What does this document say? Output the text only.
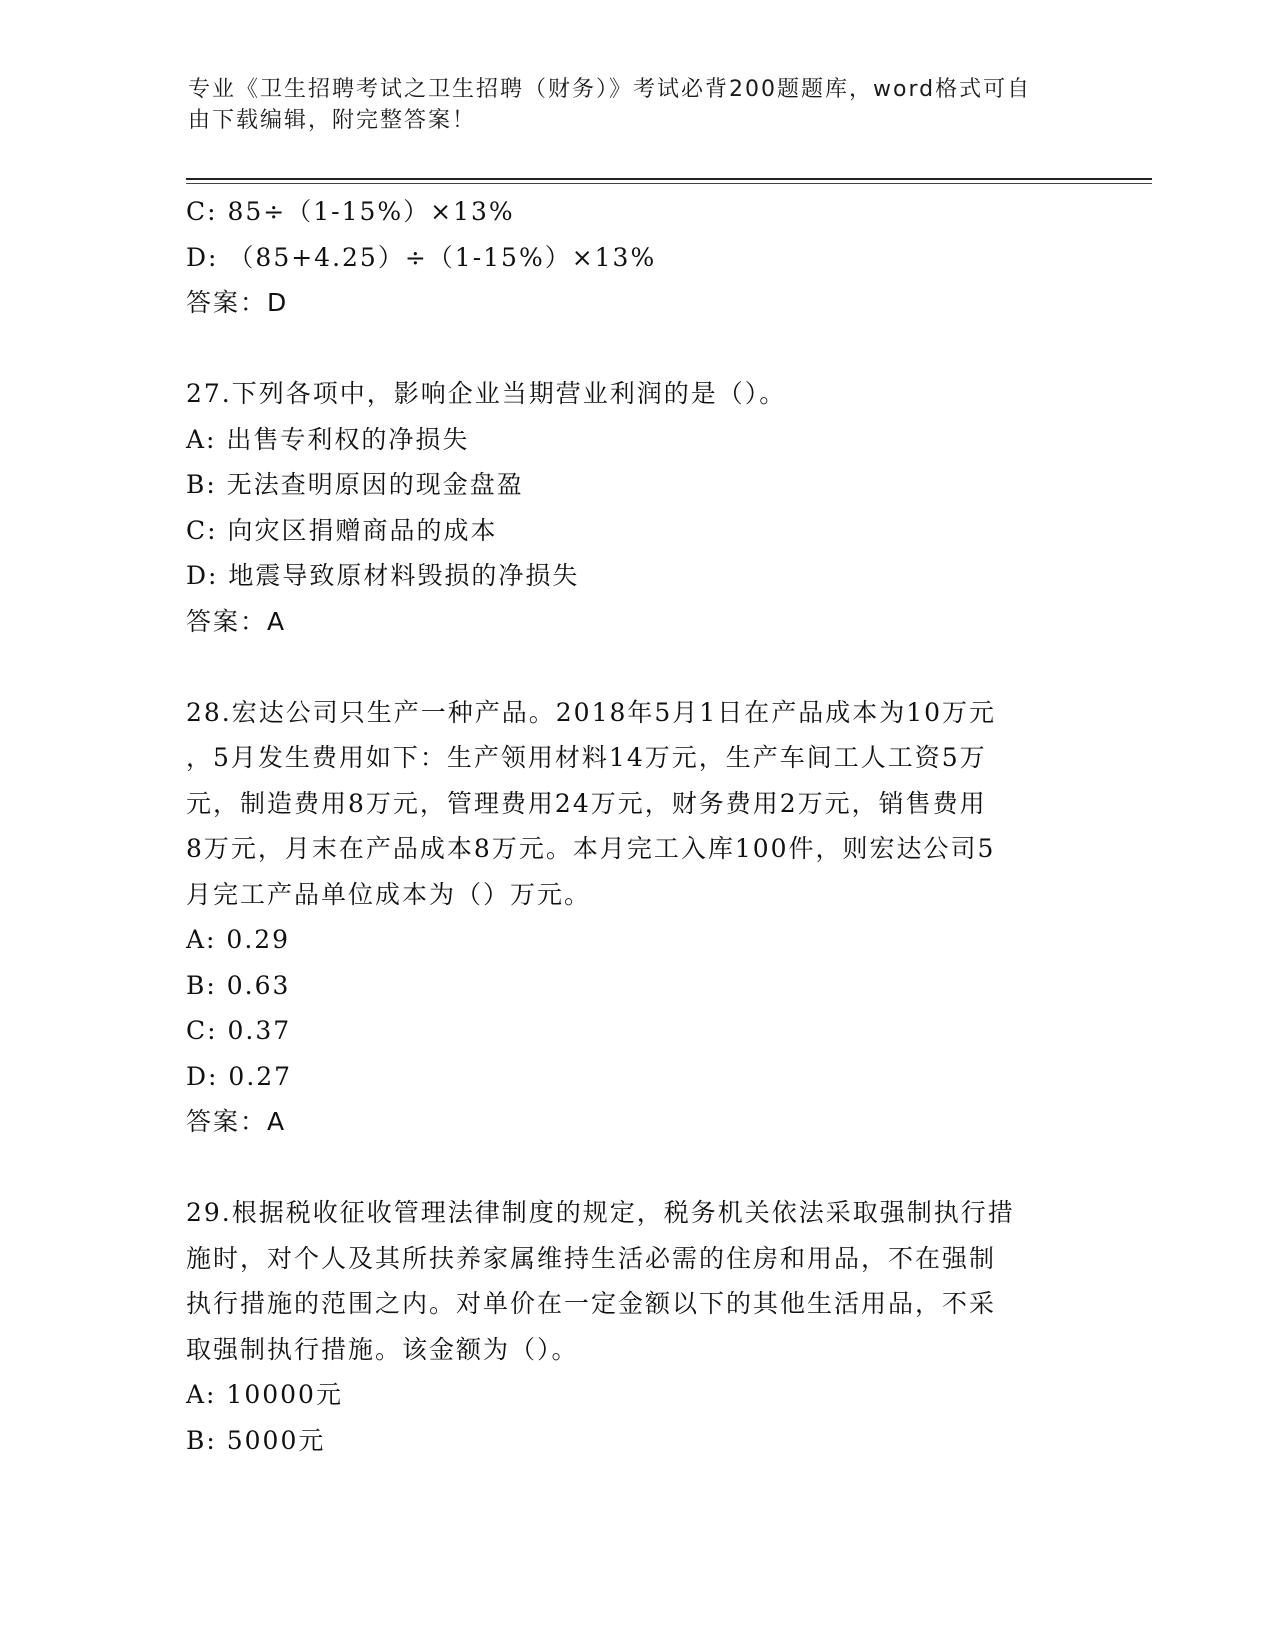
专业《卫生招聘考试之卫生招聘（财务）》考试必背200题题库，word格式可自
由下载编辑，附完整答案！
C: 85÷（1-15%）×13%
D: （85+4.25）÷（1-15%）×13%
答案：D
27.下列各项中，影响企业当期营业利润的是（）。
A: 出售专利权的净损失
B: 无法查明原因的现金盘盈
C: 向灾区捐赠商品的成本
D: 地震导致原材料毁损的净损失
答案：A
28.宏达公司只生产一种产品。2018年5月1日在产品成本为10万元
，5月发生费用如下：生产领用材料14万元，生产车间工人工资5万
元，制造费用8万元，管理费用24万元，财务费用2万元，销售费用
8万元，月末在产品成本8万元。本月完工入库100件，则宏达公司5
月完工产品单位成本为（）万元。
A: 0.29
B: 0.63
C: 0.37
D: 0.27
答案：A
29.根据税收征收管理法律制度的规定，税务机关依法采取强制执行措
施时，对个人及其所扶养家属维持生活必需的住房和用品，不在强制
执行措施的范围之内。对单价在一定金额以下的其他生活用品，不采
取强制执行措施。该金额为（）。
A: 10000元
B: 5000元
